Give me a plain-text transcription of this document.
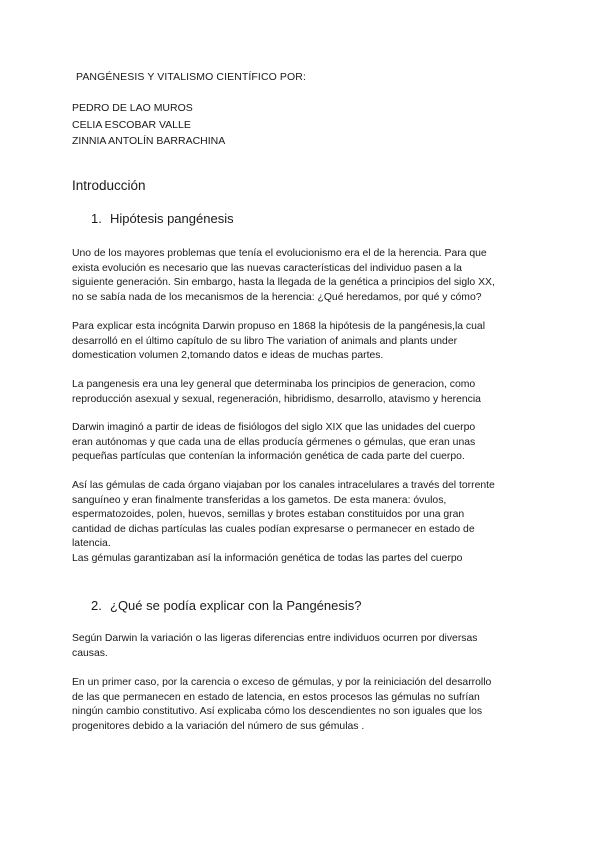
PANGÉNESIS Y VITALISMO CIENTÍFICO POR:
PEDRO DE LAO MUROS
CELIA ESCOBAR VALLE
ZINNIA ANTOLÍN BARRACHINA
Introducción
1. Hipótesis pangénesis
Uno de los mayores problemas que tenía el evolucionismo era el de la herencia. Para que
exista evolución es necesario que las nuevas características del individuo pasen a la
siguiente generación. Sin embargo, hasta la llegada de la genética a principios del siglo XX,
no se sabía nada de los mecanismos de la herencia: ¿Qué heredamos, por qué y cómo?
Para explicar esta incógnita Darwin propuso en 1868 la hipótesis de la pangénesis,la cual
desarrolló en el último capítulo de su libro The variation of animals and plants under
domestication volumen 2,tomando datos e ideas de muchas partes.
La pangenesis era una ley general que determinaba los principios de generacion, como
reproducción asexual y sexual, regeneración, hibridismo, desarrollo, atavismo y herencia
Darwin imaginó a partir de ideas de fisiólogos del siglo XIX que las unidades del cuerpo
eran autónomas y que cada una de ellas producía gérmenes o gémulas, que eran unas
pequeñas partículas que contenían la información genética de cada parte del cuerpo.
Así las gémulas de cada órgano viajaban por los canales intracelulares a través del torrente
sanguíneo y eran finalmente transferidas a los gametos. De esta manera: óvulos,
espermatozoides, polen, huevos, semillas y brotes estaban constituidos por una gran
cantidad de dichas partículas las cuales podían expresarse o permanecer en estado de
latencia.
Las gémulas garantizaban así la información genética de todas las partes del cuerpo
2. ¿Qué se podía explicar con la Pangénesis?
Según Darwin la variación o las ligeras diferencias entre individuos ocurren por diversas
causas.
En un primer caso, por la carencia o exceso de gémulas, y por la reiniciación del desarrollo
de las que permanecen en estado de latencia, en estos procesos las gémulas no sufrían
ningún cambio constitutivo. Así explicaba cómo los descendientes no son iguales que los
progenitores debido a la variación del número de sus gémulas .
